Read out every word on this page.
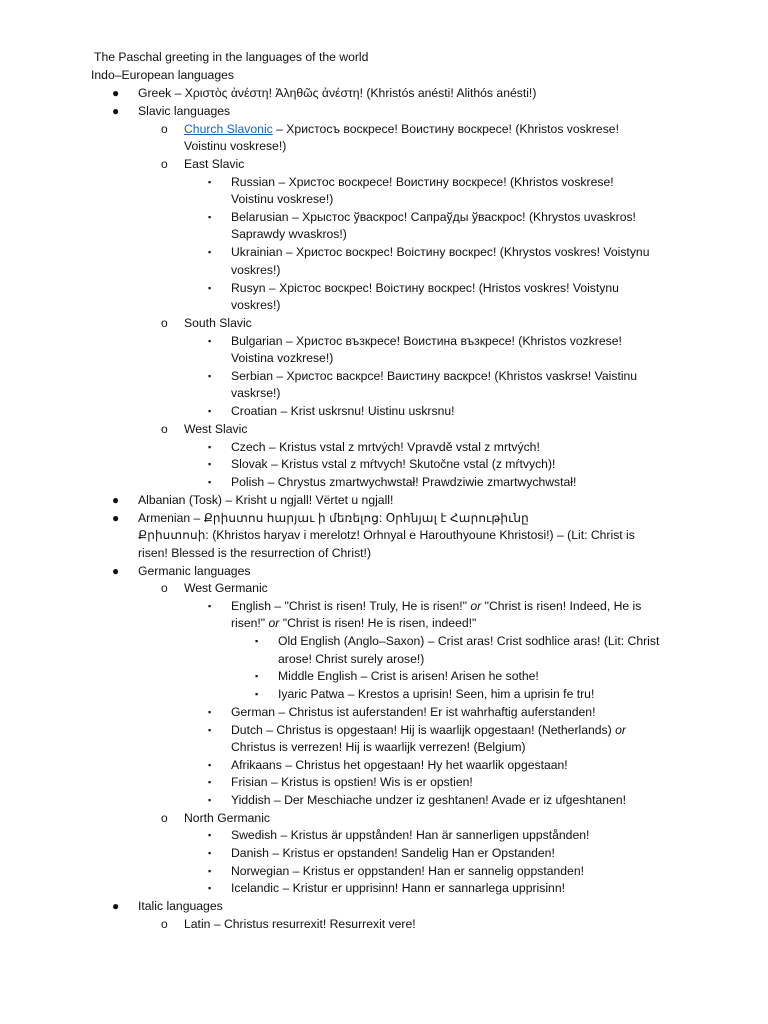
The Paschal greeting in the languages of the world
Indo–European languages
● Greek – Χριστὸς ἀνέστη! Ἀληθῶς ἀνέστη! (Khristós anésti! Alithós anésti!)
● Slavic languages
o Church Slavonic – Христосъ воскресе! Воистину воскресе! (Khristos voskrese!
Voistinu voskrese!)
o East Slavic
▪ Russian – Христос воскресе! Воистину воскресе! (Khristos voskrese!
Voistinu voskrese!)
▪ Belarusian – Хрыстос ўваскрос! Сапраўды ўваскрос! (Khrystos uvaskros!
Saprawdy wvaskros!)
▪ Ukrainian – Христос воскрес! Воістину воскрес! (Khrystos voskres! Voistynu
voskres!)
▪ Rusyn – Хрістос воскрес! Воістину воскрес! (Hristos voskres! Voistynu
voskres!)
o South Slavic
▪ Bulgarian – Христос възкресе! Воистина възкресе! (Khristos vozkrese!
Voistina vozkrese!)
▪ Serbian – Христос васкрсе! Ваистину васкрсе! (Khristos vaskrse! Vaistinu
vaskrse!)
▪ Croatian – Krist uskrsnu! Uistinu uskrsnu!
o West Slavic
▪ Czech – Kristus vstal z mrtvých! Vpravdě vstal z mrtvých!
▪ Slovak – Kristus vstal z mŕtvych! Skutočne vstal (z mŕtvych)!
▪ Polish – Chrystus zmartwychwstał! Prawdziwie zmartwychwstał!
● Albanian (Tosk) – Krisht u ngjall! Vërtet u ngjall!
● Armenian – Քրիստոս հարյաւ ի մեռելոց: Օրհնյալ է Հարութիւնը
Քրիստոսի: (Khristos haryav i merelotz! Orhnyal e Harouthyoune Khristosi!) – (Lit: Christ is
risen! Blessed is the resurrection of Christ!)
● Germanic languages
o West Germanic
▪ English – "Christ is risen! Truly, He is risen!" or "Christ is risen! Indeed, He is
risen!" or "Christ is risen! He is risen, indeed!"
▪ Old English (Anglo–Saxon) – Crist aras! Crist sodhlice aras! (Lit: Christ
arose! Christ surely arose!)
▪ Middle English – Crist is arisen! Arisen he sothe!
▪ Iyaric Patwa – Krestos a uprisin! Seen, him a uprisin fe tru!
▪ German – Christus ist auferstanden! Er ist wahrhaftig auferstanden!
▪ Dutch – Christus is opgestaan! Hij is waarlijk opgestaan! (Netherlands) or
Christus is verrezen! Hij is waarlijk verrezen! (Belgium)
▪ Afrikaans – Christus het opgestaan! Hy het waarlik opgestaan!
▪ Frisian – Kristus is opstien! Wis is er opstien!
▪ Yiddish – Der Meschiache undzer iz geshtanen! Avade er iz ufgeshtanen!
o North Germanic
▪ Swedish – Kristus är uppstånden! Han är sannerligen uppstånden!
▪ Danish – Kristus er opstanden! Sandelig Han er Opstanden!
▪ Norwegian – Kristus er oppstanden! Han er sannelig oppstanden!
▪ Icelandic – Kristur er upprisinn! Hann er sannarlega upprisinn!
● Italic languages
o Latin – Christus resurrexit! Resurrexit vere!
